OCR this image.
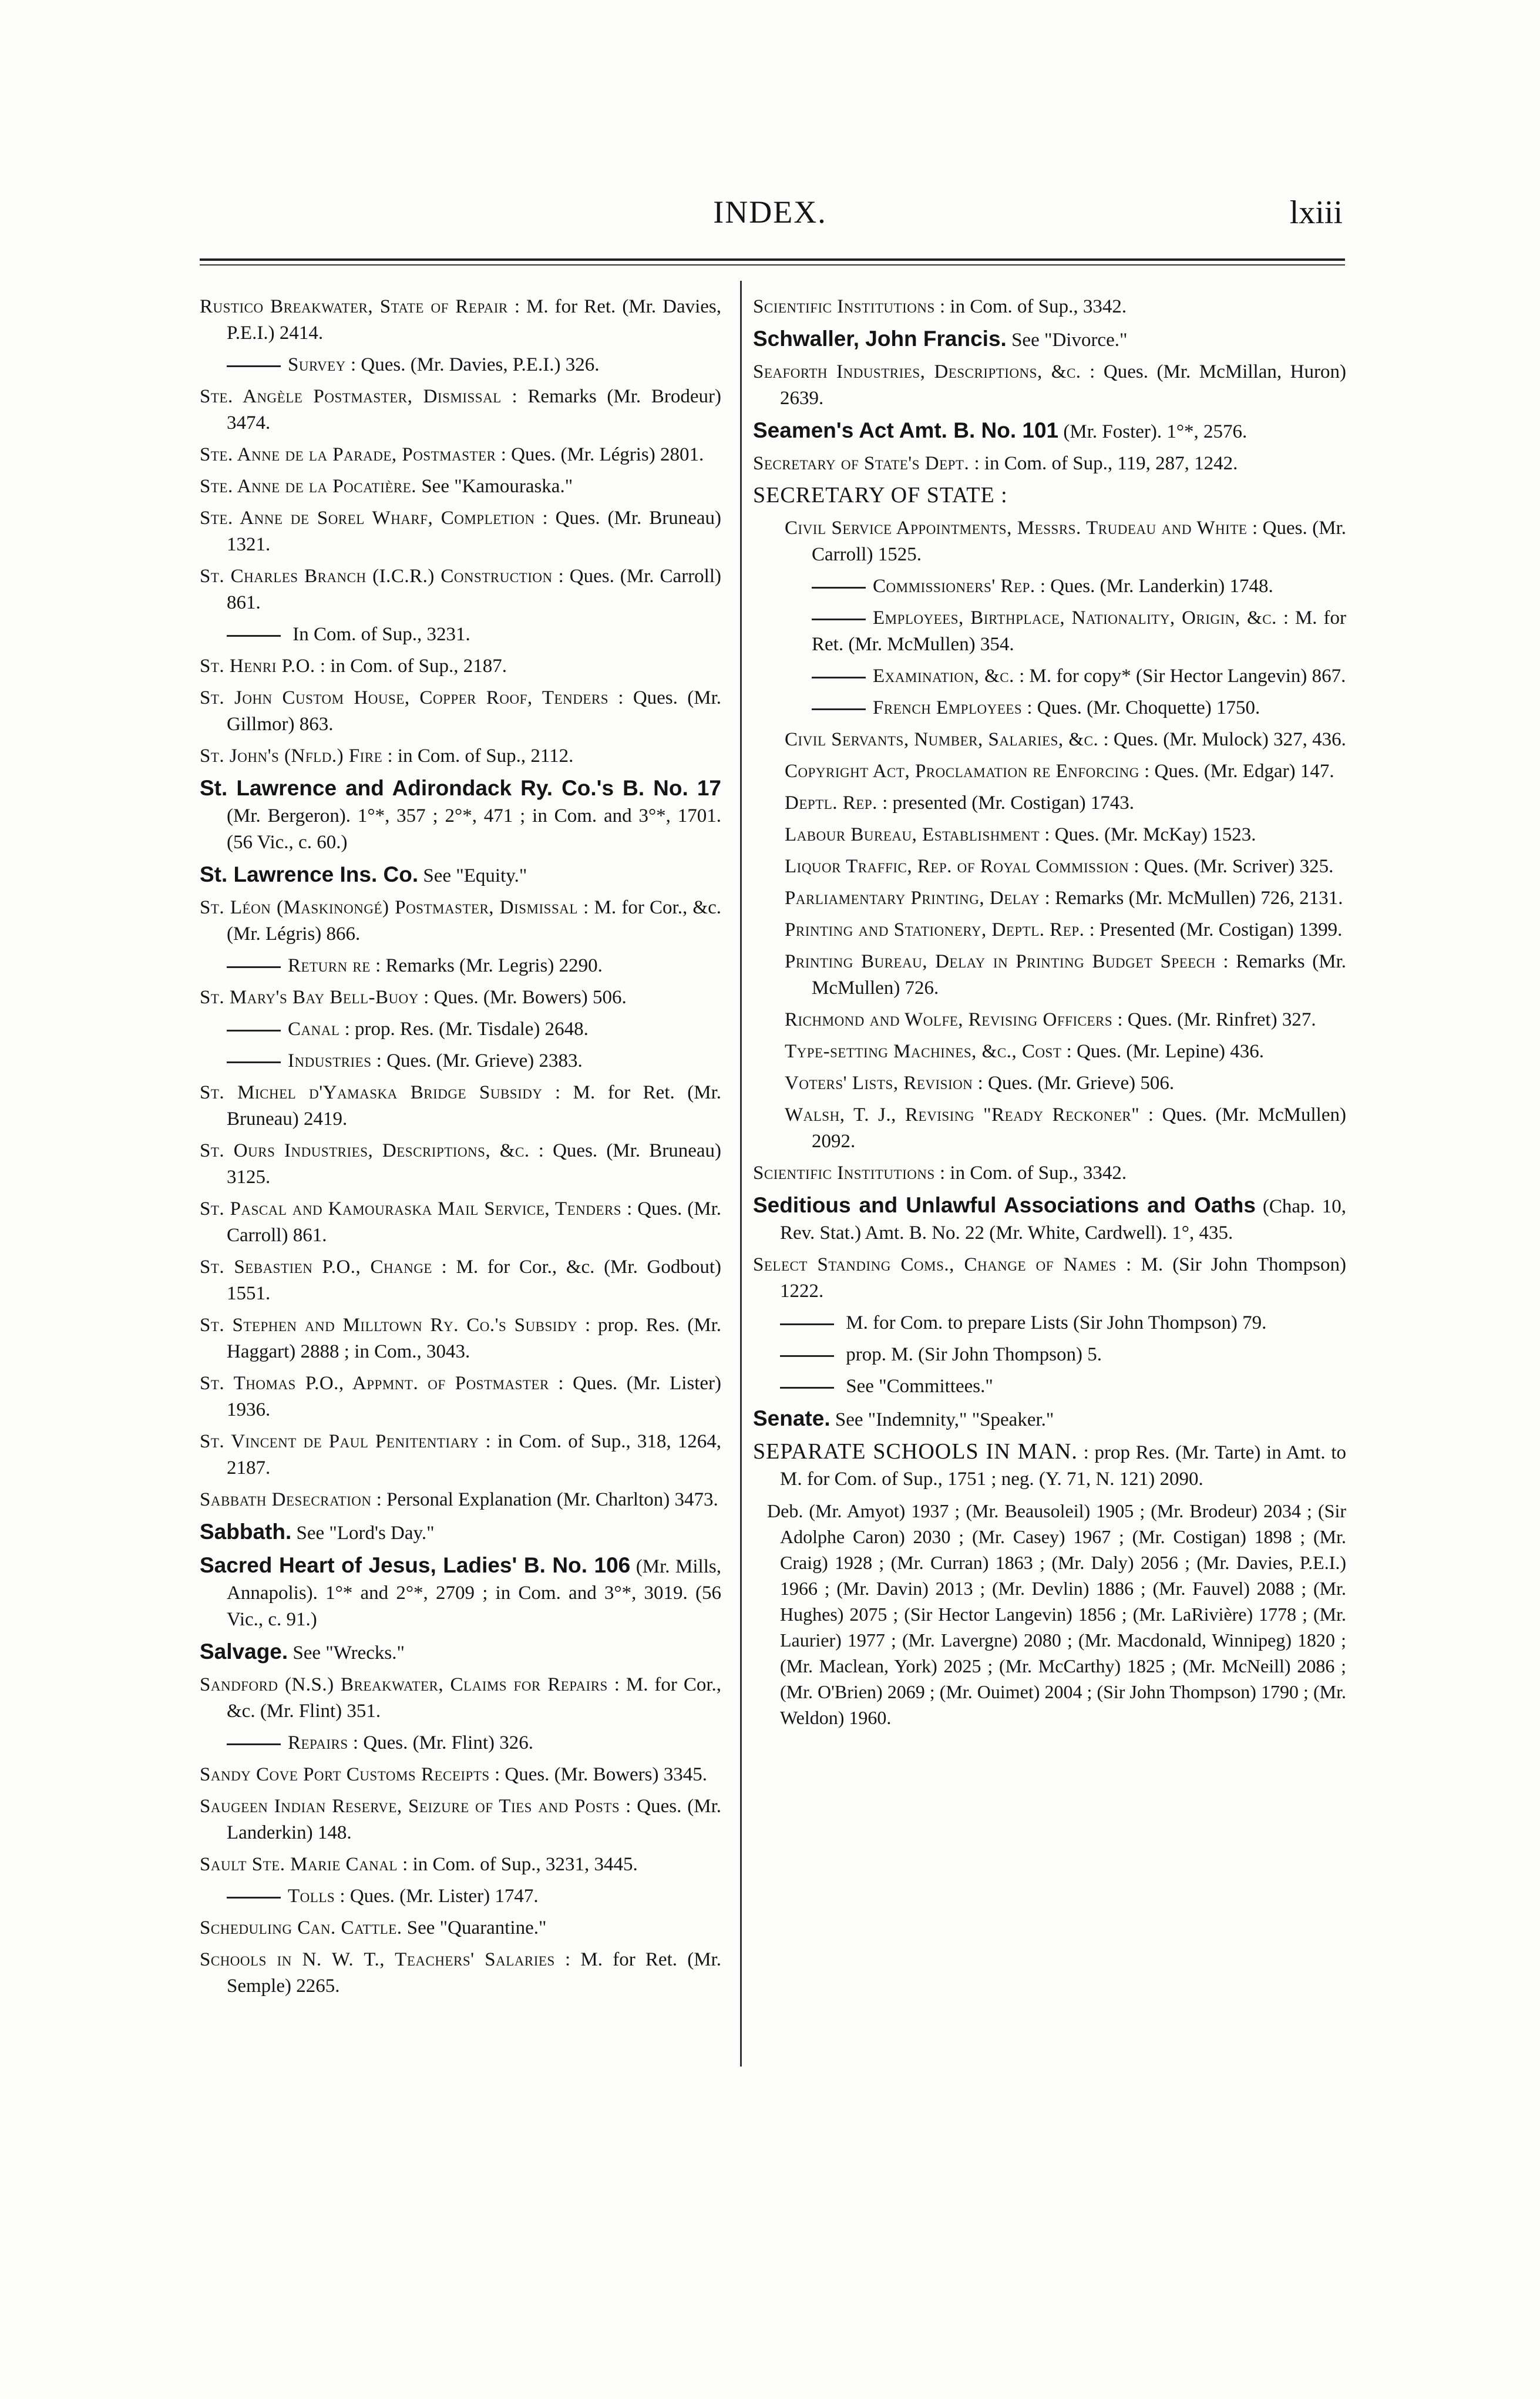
INDEX.	lxiii
Rustico Breakwater, State of Repair : M. for Ret. (Mr. Davies, P.E.I.) 2414.
Survey : Ques. (Mr. Davies, P.E.I.) 326.
Ste. Angèle Postmaster, Dismissal : Remarks (Mr. Brodeur) 3474.
Ste. Anne de la Parade, Postmaster : Ques. (Mr. Légris) 2801.
Ste. Anne de la Pocatière. See "Kamouraska."
Ste. Anne de Sorel Wharf, Completion : Ques. (Mr. Bruneau) 1321.
St. Charles Branch (I.C.R.) Construction : Ques. (Mr. Carroll) 861.
In Com. of Sup., 3231.
St. Henri P.O. : in Com. of Sup., 2187.
St. John Custom House, Copper Roof, Tenders : Ques. (Mr. Gillmor) 863.
St. John's (Nfld.) Fire : in Com. of Sup., 2112.
St. Lawrence and Adirondack Ry. Co.'s B. No. 17 (Mr. Bergeron). 1°*, 357 ; 2°*, 471 ; in Com. and 3°*, 1701. (56 Vic., c. 60.)
St. Lawrence Ins. Co. See "Equity."
St. Léon (Maskinongé) Postmaster, Dismissal : M. for Cor., &c. (Mr. Légris) 866.
Return re : Remarks (Mr. Legris) 2290.
St. Mary's Bay Bell-Buoy : Ques. (Mr. Bowers) 506.
Canal : prop. Res. (Mr. Tisdale) 2648.
Industries : Ques. (Mr. Grieve) 2383.
St. Michel d'Yamaska Bridge Subsidy : M. for Ret. (Mr. Bruneau) 2419.
St. Ours Industries, Descriptions, &c. : Ques. (Mr. Bruneau) 3125.
St. Pascal and Kamouraska Mail Service, Tenders : Ques. (Mr. Carroll) 861.
St. Sebastien P.O., Change : M. for Cor., &c. (Mr. Godbout) 1551.
St. Stephen and Milltown Ry. Co.'s Subsidy : prop. Res. (Mr. Haggart) 2888 ; in Com., 3043.
St. Thomas P.O., Appmnt. of Postmaster : Ques. (Mr. Lister) 1936.
St. Vincent de Paul Penitentiary : in Com. of Sup., 318, 1264, 2187.
Sabbath Desecration : Personal Explanation (Mr. Charlton) 3473.
Sabbath. See "Lord's Day."
Sacred Heart of Jesus, Ladies' B. No. 106 (Mr. Mills, Annapolis). 1°* and 2°*, 2709 ; in Com. and 3°*, 3019. (56 Vic., c. 91.)
Salvage. See "Wrecks."
Sandford (N.S.) Breakwater, Claims for Repairs : M. for Cor., &c. (Mr. Flint) 351.
Repairs : Ques. (Mr. Flint) 326.
Sandy Cove Port Customs Receipts : Ques. (Mr. Bowers) 3345.
Saugeen Indian Reserve, Seizure of Ties and Posts : Ques. (Mr. Landerkin) 148.
Sault Ste. Marie Canal : in Com. of Sup., 3231, 3445.
Tolls : Ques. (Mr. Lister) 1747.
Scheduling Can. Cattle. See "Quarantine."
Schools in N. W. T., Teachers' Salaries : M. for Ret. (Mr. Semple) 2265.
Scientific Institutions : in Com. of Sup., 3342.
Schwaller, John Francis. See "Divorce."
Seaforth Industries, Descriptions, &c. : Ques. (Mr. McMillan, Huron) 2639.
Seamen's Act Amt. B. No. 101 (Mr. Foster). 1°*, 2576.
Secretary of State's Dept. : in Com. of Sup., 119, 287, 1242.
SECRETARY OF STATE :
Civil Service Appointments, Messrs. Trudeau and White : Ques. (Mr. Carroll) 1525.
Commissioners' Rep. : Ques. (Mr. Landerkin) 1748.
Employees, Birthplace, Nationality, Origin, &c. : M. for Ret. (Mr. McMullen) 354.
Examination, &c. : M. for copy* (Sir Hector Langevin) 867.
French Employees : Ques. (Mr. Choquette) 1750.
Civil Servants, Number, Salaries, &c. : Ques. (Mr. Mulock) 327, 436.
Copyright Act, Proclamation re Enforcing : Ques. (Mr. Edgar) 147.
Deptl. Rep. : presented (Mr. Costigan) 1743.
Labour Bureau, Establishment : Ques. (Mr. McKay) 1523.
Liquor Traffic, Rep. of Royal Commission : Ques. (Mr. Scriver) 325.
Parliamentary Printing, Delay : Remarks (Mr. McMullen) 726, 2131.
Printing and Stationery, Deptl. Rep. : Presented (Mr. Costigan) 1399.
Printing Bureau, Delay in Printing Budget Speech : Remarks (Mr. McMullen) 726.
Richmond and Wolfe, Revising Officers : Ques. (Mr. Rinfret) 327.
Type-setting Machines, &c., Cost : Ques. (Mr. Lepine) 436.
Voters' Lists, Revision : Ques. (Mr. Grieve) 506.
Walsh, T. J., Revising "Ready Reckoner" : Ques. (Mr. McMullen) 2092.
Scientific Institutions : in Com. of Sup., 3342.
Seditious and Unlawful Associations and Oaths (Chap. 10, Rev. Stat.) Amt. B. No. 22 (Mr. White, Cardwell). 1°, 435.
Select Standing Coms., Change of Names : M. (Sir John Thompson) 1222.
M. for Com. to prepare Lists (Sir John Thompson) 79.
prop. M. (Sir John Thompson) 5.
See "Committees."
Senate. See "Indemnity," "Speaker."
SEPARATE SCHOOLS IN MAN. : prop Res. (Mr. Tarte) in Amt. to M. for Com. of Sup., 1751 ; neg. (Y. 71, N. 121) 2090.
Deb. (Mr. Amyot) 1937 ; (Mr. Beausoleil) 1905 ; (Mr. Brodeur) 2034 ; (Sir Adolphe Caron) 2030 ; (Mr. Casey) 1967 ; (Mr. Costigan) 1898 ; (Mr. Craig) 1928 ; (Mr. Curran) 1863 ; (Mr. Daly) 2056 ; (Mr. Davies, P.E.I.) 1966 ; (Mr. Davin) 2013 ; (Mr. Devlin) 1886 ; (Mr. Fauvel) 2088 ; (Mr. Hughes) 2075 ; (Sir Hector Langevin) 1856 ; (Mr. LaRivière) 1778 ; (Mr. Laurier) 1977 ; (Mr. Lavergne) 2080 ; (Mr. Macdonald, Winnipeg) 1820 ; (Mr. Maclean, York) 2025 ; (Mr. McCarthy) 1825 ; (Mr. McNeill) 2086 ; (Mr. O'Brien) 2069 ; (Mr. Ouimet) 2004 ; (Sir John Thompson) 1790 ; (Mr. Weldon) 1960.
